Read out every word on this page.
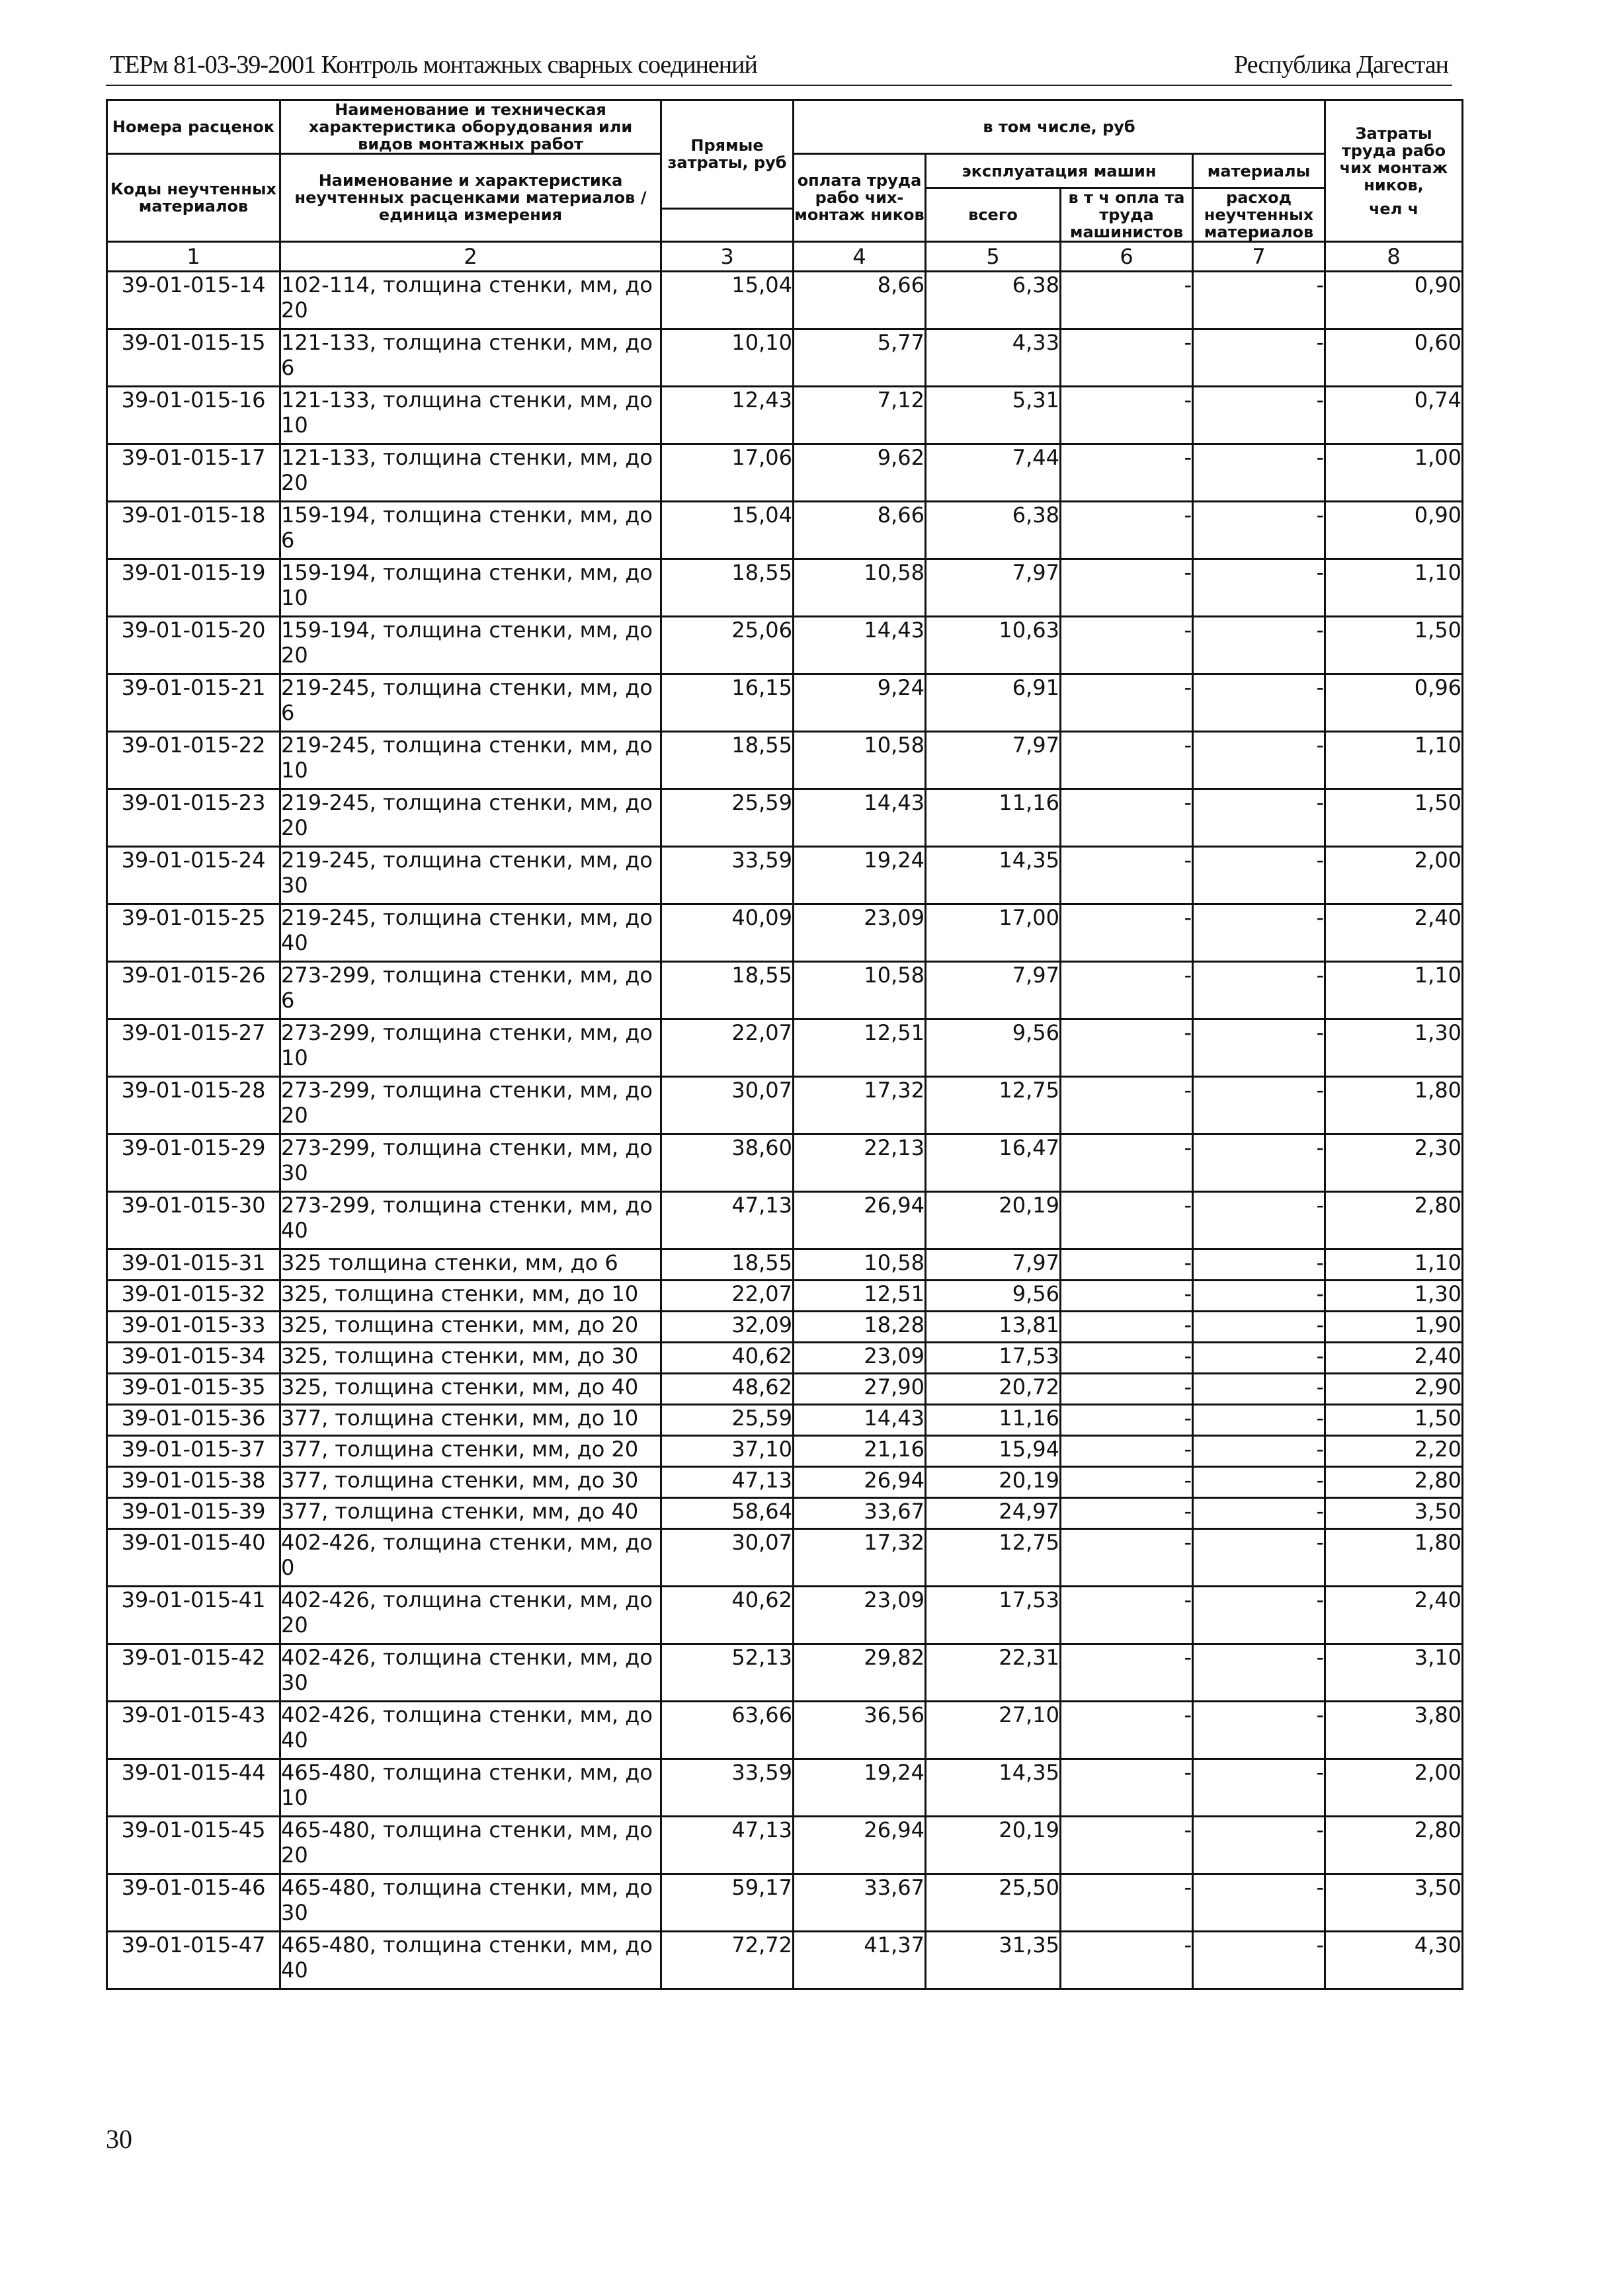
ТЕРм 81-03-39-2001 Контроль монтажных сварных соединений	Республика Дагестан
Номера расценок	Наименование и техническая характеристика оборудования или видов монтажных работ	Прямые затраты, руб	в том числе, руб				Затраты труда рабо чих монтаж ников,
чел ч

Коды неучтенных материалов	Наименование и характеристика неучтенных расценками материалов / единица измерения		оплата труда рабо чих-монтаж ников	эксплуатация машин		материалы	
				всего	в т ч опла та труда машинистов	расход неучтенных материалов	

1	2	3	4	5	6	7	8
39-01-015-14	102-114, толщина стенки, мм, до 20	15,04	8,66	6,38	-	-	0,90
39-01-015-15	121-133, толщина стенки, мм, до 6	10,10	5,77	4,33	-	-	0,60
39-01-015-16	121-133, толщина стенки, мм, до 10	12,43	7,12	5,31	-	-	0,74
39-01-015-17	121-133, толщина стенки, мм, до 20	17,06	9,62	7,44	-	-	1,00
39-01-015-18	159-194, толщина стенки, мм, до 6	15,04	8,66	6,38	-	-	0,90
39-01-015-19	159-194, толщина стенки, мм, до 10	18,55	10,58	7,97	-	-	1,10
39-01-015-20	159-194, толщина стенки, мм, до 20	25,06	14,43	10,63	-	-	1,50
39-01-015-21	219-245, толщина стенки, мм, до 6	16,15	9,24	6,91	-	-	0,96
39-01-015-22	219-245, толщина стенки, мм, до 10	18,55	10,58	7,97	-	-	1,10
39-01-015-23	219-245, толщина стенки, мм, до 20	25,59	14,43	11,16	-	-	1,50
39-01-015-24	219-245, толщина стенки, мм, до 30	33,59	19,24	14,35	-	-	2,00
39-01-015-25	219-245, толщина стенки, мм, до 40	40,09	23,09	17,00	-	-	2,40
39-01-015-26	273-299, толщина стенки, мм, до 6	18,55	10,58	7,97	-	-	1,10
39-01-015-27	273-299, толщина стенки, мм, до 10	22,07	12,51	9,56	-	-	1,30
39-01-015-28	273-299, толщина стенки, мм, до 20	30,07	17,32	12,75	-	-	1,80
39-01-015-29	273-299, толщина стенки, мм, до 30	38,60	22,13	16,47	-	-	2,30
39-01-015-30	273-299, толщина стенки, мм, до 40	47,13	26,94	20,19	-	-	2,80
39-01-015-31	325 толщина стенки, мм, до 6	18,55	10,58	7,97	-	-	1,10
39-01-015-32	325, толщина стенки, мм, до 10	22,07	12,51	9,56	-	-	1,30
39-01-015-33	325, толщина стенки, мм, до 20	32,09	18,28	13,81	-	-	1,90
39-01-015-34	325, толщина стенки, мм, до 30	40,62	23,09	17,53	-	-	2,40
39-01-015-35	325, толщина стенки, мм, до 40	48,62	27,90	20,72	-	-	2,90
39-01-015-36	377, толщина стенки, мм, до 10	25,59	14,43	11,16	-	-	1,50
39-01-015-37	377, толщина стенки, мм, до 20	37,10	21,16	15,94	-	-	2,20
39-01-015-38	377, толщина стенки, мм, до 30	47,13	26,94	20,19	-	-	2,80
39-01-015-39	377, толщина стенки, мм, до 40	58,64	33,67	24,97	-	-	3,50
39-01-015-40	402-426, толщина стенки, мм, до 0	30,07	17,32	12,75	-	-	1,80
39-01-015-41	402-426, толщина стенки, мм, до 20	40,62	23,09	17,53	-	-	2,40
39-01-015-42	402-426, толщина стенки, мм, до 30	52,13	29,82	22,31	-	-	3,10
39-01-015-43	402-426, толщина стенки, мм, до 40	63,66	36,56	27,10	-	-	3,80
39-01-015-44	465-480, толщина стенки, мм, до 10	33,59	19,24	14,35	-	-	2,00
39-01-015-45	465-480, толщина стенки, мм, до 20	47,13	26,94	20,19	-	-	2,80
39-01-015-46	465-480, толщина стенки, мм, до 30	59,17	33,67	25,50	-	-	3,50
39-01-015-47	465-480, толщина стенки, мм, до 40	72,72	41,37	31,35	-	-	4,30
30
